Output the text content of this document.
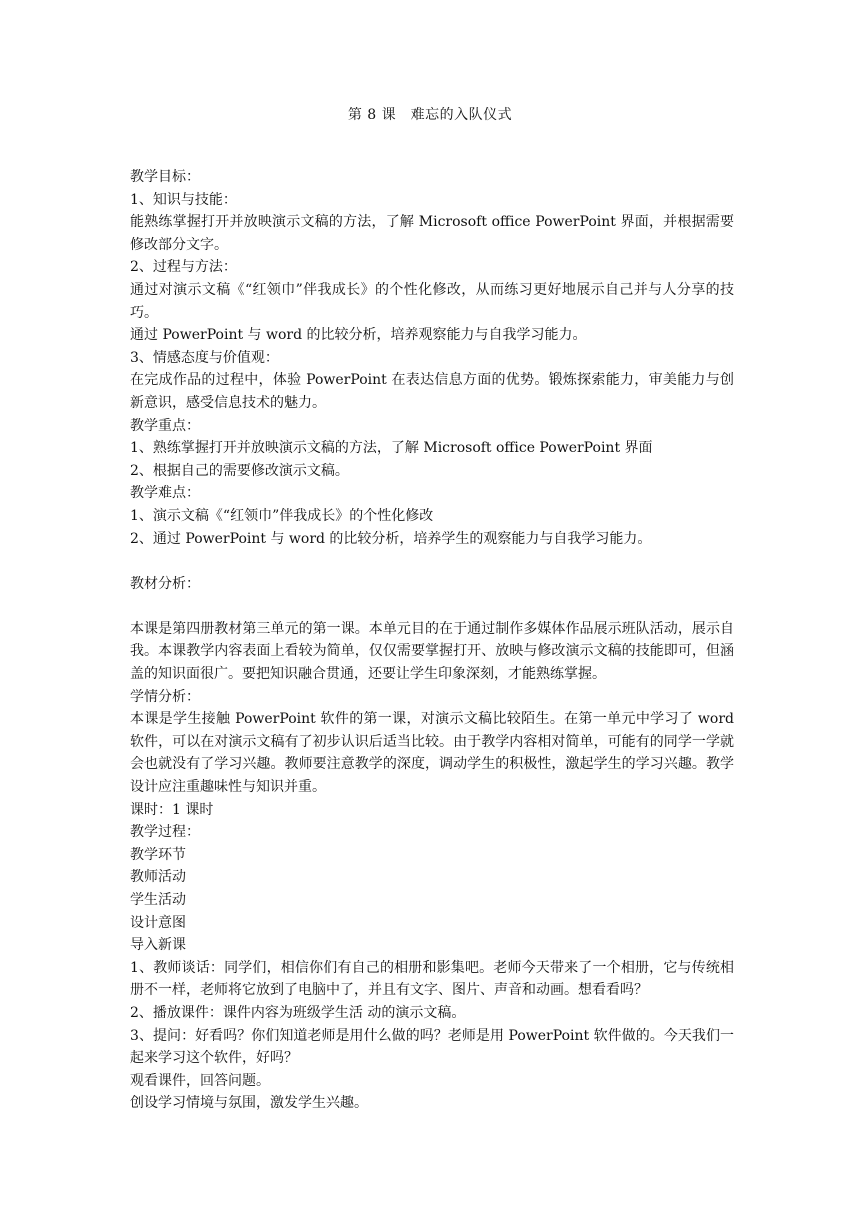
第 8 课　难忘的入队仪式

教学目标：

1、知识与技能：

能熟练掌握打开并放映演示文稿的方法，了解 Microsoft office PowerPoint 界面，并根据需要修改部分文字。

2、过程与方法：

通过对演示文稿《“红领巾”伴我成长》的个性化修改，从而练习更好地展示自己并与人分享的技巧。

通过 PowerPoint 与 word 的比较分析，培养观察能力与自我学习能力。

3、情感态度与价值观：

在完成作品的过程中，体验 PowerPoint 在表达信息方面的优势。锻炼探索能力，审美能力与创新意识，感受信息技术的魅力。

教学重点：

1、熟练掌握打开并放映演示文稿的方法，了解 Microsoft office PowerPoint 界面

2、根据自己的需要修改演示文稿。

教学难点：

1、演示文稿《“红领巾”伴我成长》的个性化修改

2、通过 PowerPoint 与 word 的比较分析，培养学生的观察能力与自我学习能力。

教材分析：

本课是第四册教材第三单元的第一课。本单元目的在于通过制作多媒体作品展示班队活动，展示自我。本课教学内容表面上看较为简单，仅仅需要掌握打开、放映与修改演示文稿的技能即可，但涵盖的知识面很广。要把知识融合贯通，还要让学生印象深刻，才能熟练掌握。

学情分析：

本课是学生接触 PowerPoint 软件的第一课，对演示文稿比较陌生。在第一单元中学习了 word 软件，可以在对演示文稿有了初步认识后适当比较。由于教学内容相对简单，可能有的同学一学就会也就没有了学习兴趣。教师要注意教学的深度，调动学生的积极性，激起学生的学习兴趣。教学设计应注重趣味性与知识并重。

课时：1 课时

教学过程：

教学环节

教师活动

学生活动

设计意图

导入新课

1、教师谈话：同学们，相信你们有自己的相册和影集吧。老师今天带来了一个相册，它与传统相册不一样，老师将它放到了电脑中了，并且有文字、图片、声音和动画。想看看吗？

2、播放课件：课件内容为班级学生活 动的演示文稿。

3、提问：好看吗？你们知道老师是用什么做的吗？老师是用 PowerPoint 软件做的。今天我们一起来学习这个软件，好吗？

观看课件，回答问题。

创设学习情境与氛围，激发学生兴趣。
